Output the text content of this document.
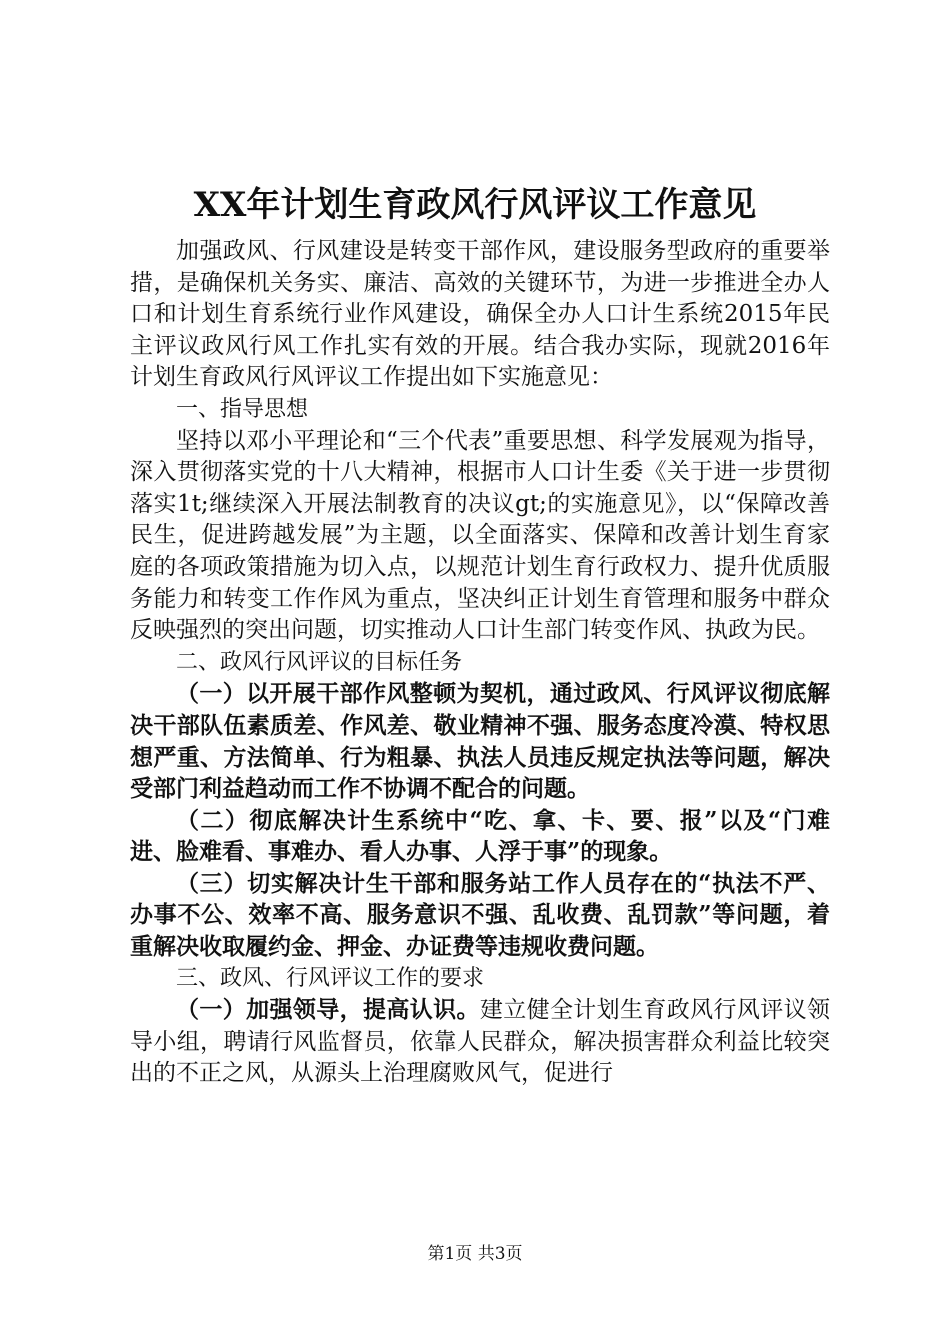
XX年计划生育政风行风评议工作意见

加强政风、行风建设是转变干部作风，建设服务型政府的重要举措，是确保机关务实、廉洁、高效的关键环节，为进一步推进全办人口和计划生育系统行业作风建设，确保全办人口计生系统2015年民主评议政风行风工作扎实有效的开展。结合我办实际，现就2016年计划生育政风行风评议工作提出如下实施意见：

一、指导思想

坚持以邓小平理论和“三个代表”重要思想、科学发展观为指导，深入贯彻落实党的十八大精神，根据市人口计生委《关于进一步贯彻落实1t;继续深入开展法制教育的决议gt;的实施意见》，以“保障改善民生，促进跨越发展”为主题，以全面落实、保障和改善计划生育家庭的各项政策措施为切入点，以规范计划生育行政权力、提升优质服务能力和转变工作作风为重点，坚决纠正计划生育管理和服务中群众反映强烈的突出问题，切实推动人口计生部门转变作风、执政为民。

二、政风行风评议的目标任务

（一）以开展干部作风整顿为契机，通过政风、行风评议彻底解决干部队伍素质差、作风差、敬业精神不强、服务态度冷漠、特权思想严重、方法简单、行为粗暴、执法人员违反规定执法等问题，解决受部门利益趋动而工作不协调不配合的问题。

（二）彻底解决计生系统中“吃、拿、卡、要、报”以及“门难进、脸难看、事难办、看人办事、人浮于事”的现象。

（三）切实解决计生干部和服务站工作人员存在的“执法不严、办事不公、效率不高、服务意识不强、乱收费、乱罚款”等问题，着重解决收取履约金、押金、办证费等违规收费问题。

三、政风、行风评议工作的要求

（一）加强领导，提高认识。建立健全计划生育政风行风评议领导小组，聘请行风监督员，依靠人民群众，解决损害群众利益比较突出的不正之风，从源头上治理腐败风气，促进行

第1页 共3页
